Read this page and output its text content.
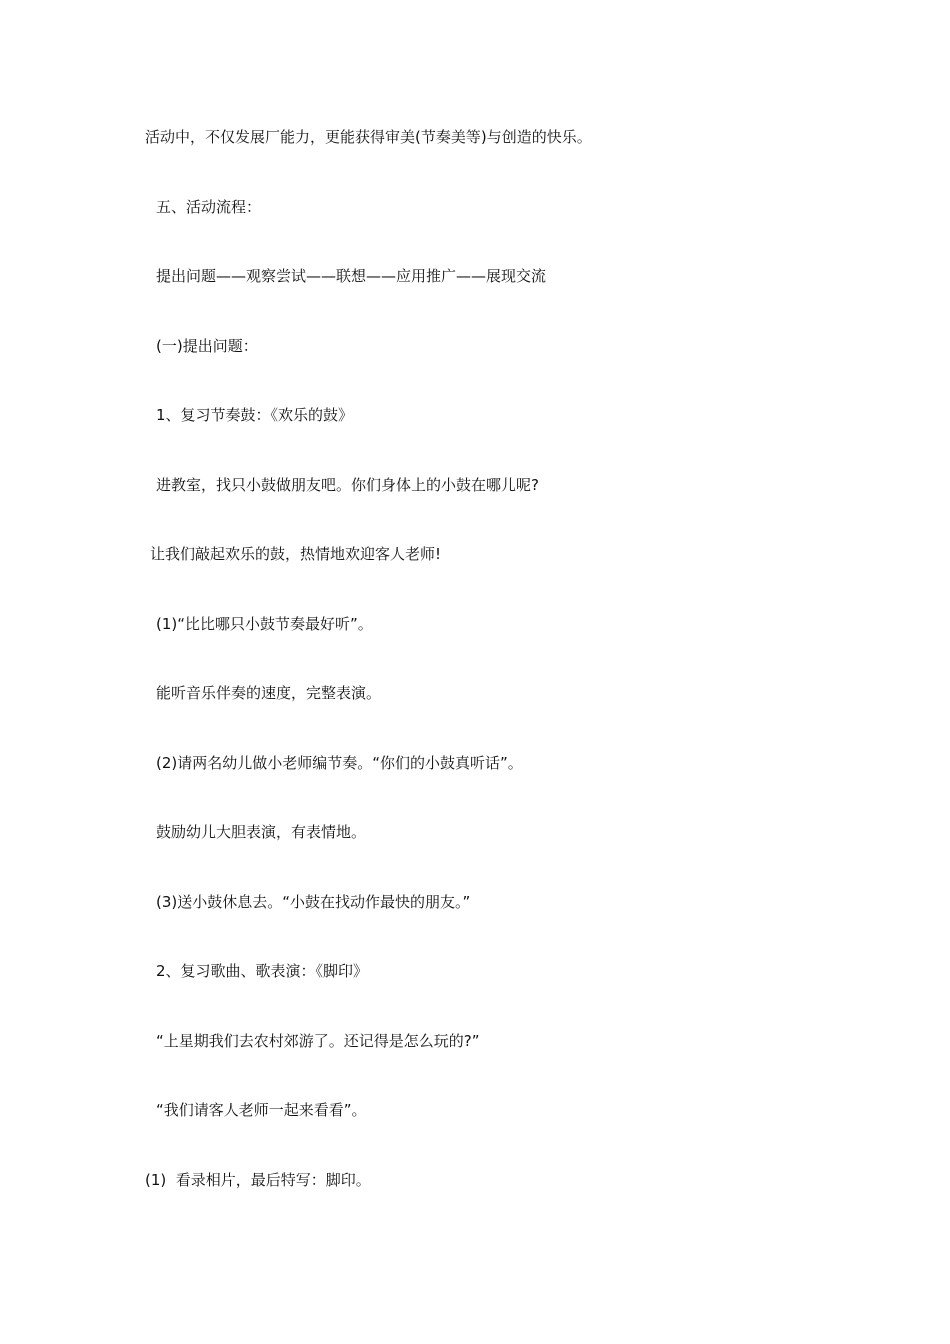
活动中，不仅发展厂能力，更能获得审美(节奏美等)与创造的快乐。

五、活动流程：

提出问题——观察尝试——联想——应用推广——展现交流

(一)提出问题：

1、复习节奏鼓：《欢乐的鼓》

进教室，找只小鼓做朋友吧。你们身体上的小鼓在哪儿呢?

让我们敲起欢乐的鼓，热情地欢迎客人老师!

(1)“比比哪只小鼓节奏最好听”。

能听音乐伴奏的速度，完整表演。

(2)请两名幼儿做小老师编节奏。“你们的小鼓真听话”。

鼓励幼儿大胆表演，有表情地。

(3)送小鼓休息去。“小鼓在找动作最快的朋友。”

2、复习歌曲、歌表演：《脚印》

“上星期我们去农村郊游了。还记得是怎么玩的?”

“我们请客人老师一起来看看”。

(1)  看录相片，最后特写：脚印。
